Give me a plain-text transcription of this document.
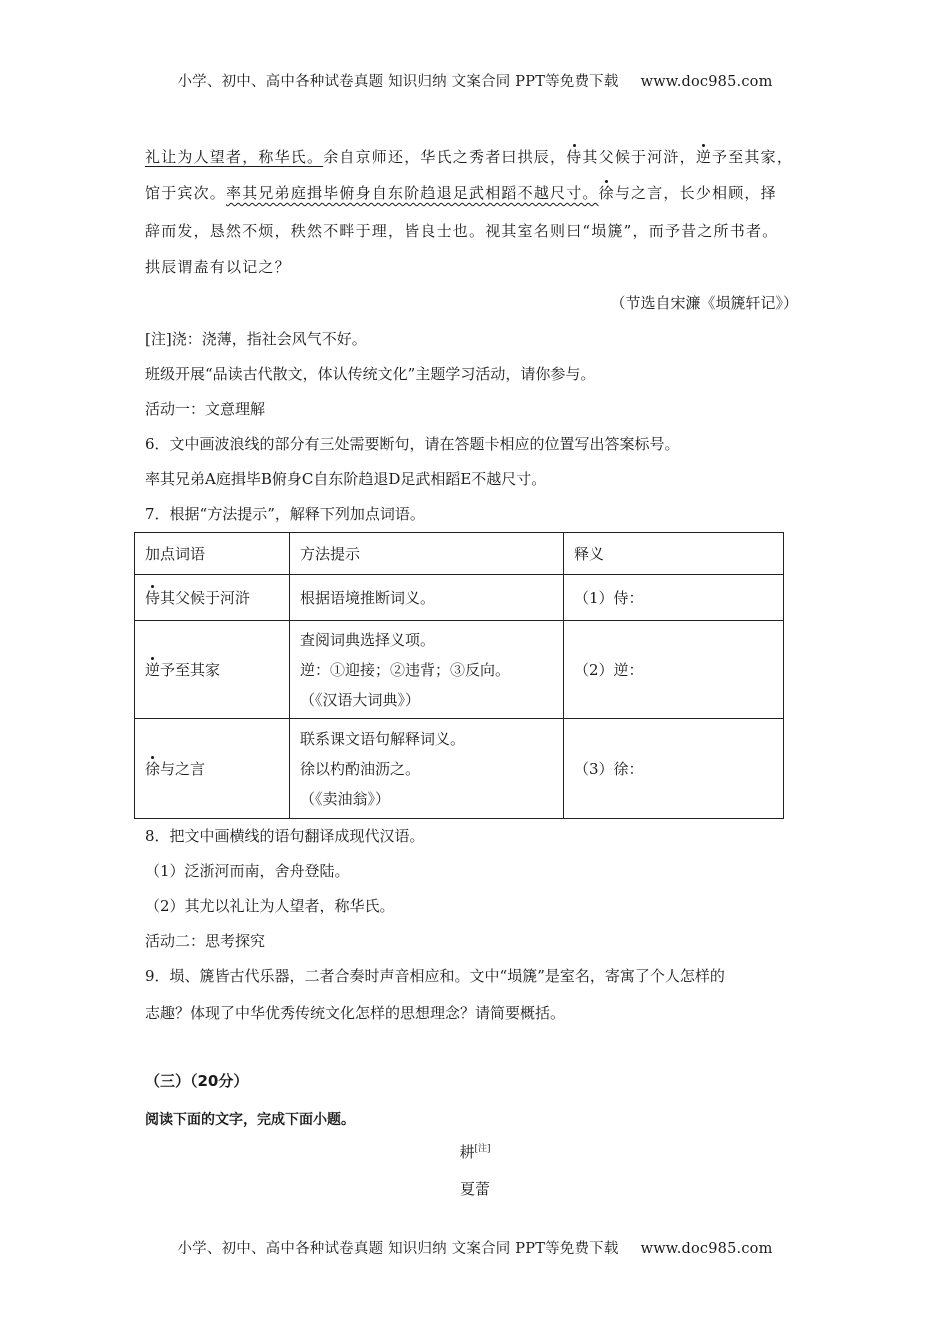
小学、初中、高中各种试卷真题 知识归纳 文案合同 PPT等免费下载 www.doc985.com
礼让为人望者，称华氏。余自京师还，华氏之秀者曰拱辰，侍其父候于河浒，逆予至其家，
馆于宾次。率其兄弟庭揖毕俯身自东阶趋退足武相蹈不越尺寸。徐与之言，长少相顾，择
辞而发，恳然不烦，秩然不畔于理，皆良士也。视其室名则曰“埙篪”，而予昔之所书者。
拱辰谓盍有以记之？
（节选自宋濂《埙篪轩记》）
[注]浇：浇薄，指社会风气不好。
班级开展“品读古代散文，体认传统文化”主题学习活动，请你参与。
活动一：文意理解
6．文中画波浪线的部分有三处需要断句，请在答题卡相应的位置写出答案标号。
率其兄弟A庭揖毕B俯身C自东阶趋退D足武相蹈E不越尺寸。
7．根据“方法提示”，解释下列加点词语。
加点词语	方法提示	释义
侍其父候于河浒	根据语境推断词义。	（1）侍：
逆予至其家	查阅词典选择义项。
逆：①迎接；②违背；③反向。
（《汉语大词典》）	（2）逆：
徐与之言	联系课文语句解释词义。
徐以杓酌油沥之。
（《卖油翁》）	（3）徐：
8．把文中画横线的语句翻译成现代汉语。
（1）泛浙河而南，舍舟登陆。
（2）其尤以礼让为人望者，称华氏。
活动二：思考探究
9．埙、篪皆古代乐器，二者合奏时声音相应和。文中“埙篪”是室名，寄寓了个人怎样的
志趣？体现了中华优秀传统文化怎样的思想理念？请简要概括。
（三）（20分）
阅读下面的文字，完成下面小题。
耕[注]
夏蕾
小学、初中、高中各种试卷真题 知识归纳 文案合同 PPT等免费下载 www.doc985.com
